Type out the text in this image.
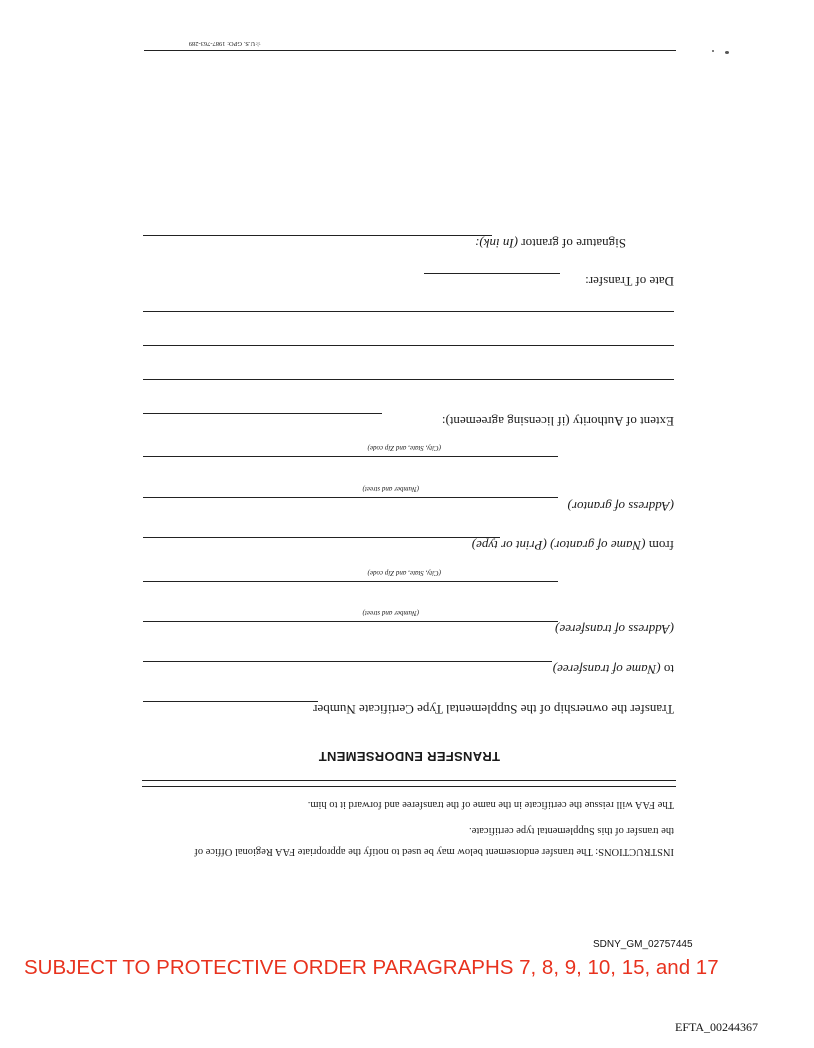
INSTRUCTIONS: The transfer endorsement below may be used to notify the appropriate FAA Regional Office of
the transfer of this Supplemental type certificate.
The FAA will reissue the certificate in the name of the transferee and forward it to him.
TRANSFER ENDORSEMENT
Transfer the ownership of the Supplemental Type Certificate Number
to (Name of transferee)
(Address of transferee)
(Number and street)
(City, State, and Zip code)
from (Name of grantor) (Print or type)
(Address of grantor)
(Number and street)
(City, State, and Zip code)
Extent of Authority (if licensing agreement):
Date of Transfer:
Signature of grantor (In ink):
☆U.S. GPO: 1987-763-289
SDNY_GM_02757445
SUBJECT TO PROTECTIVE ORDER PARAGRAPHS 7, 8, 9, 10, 15, and 17
EFTA_00244367
